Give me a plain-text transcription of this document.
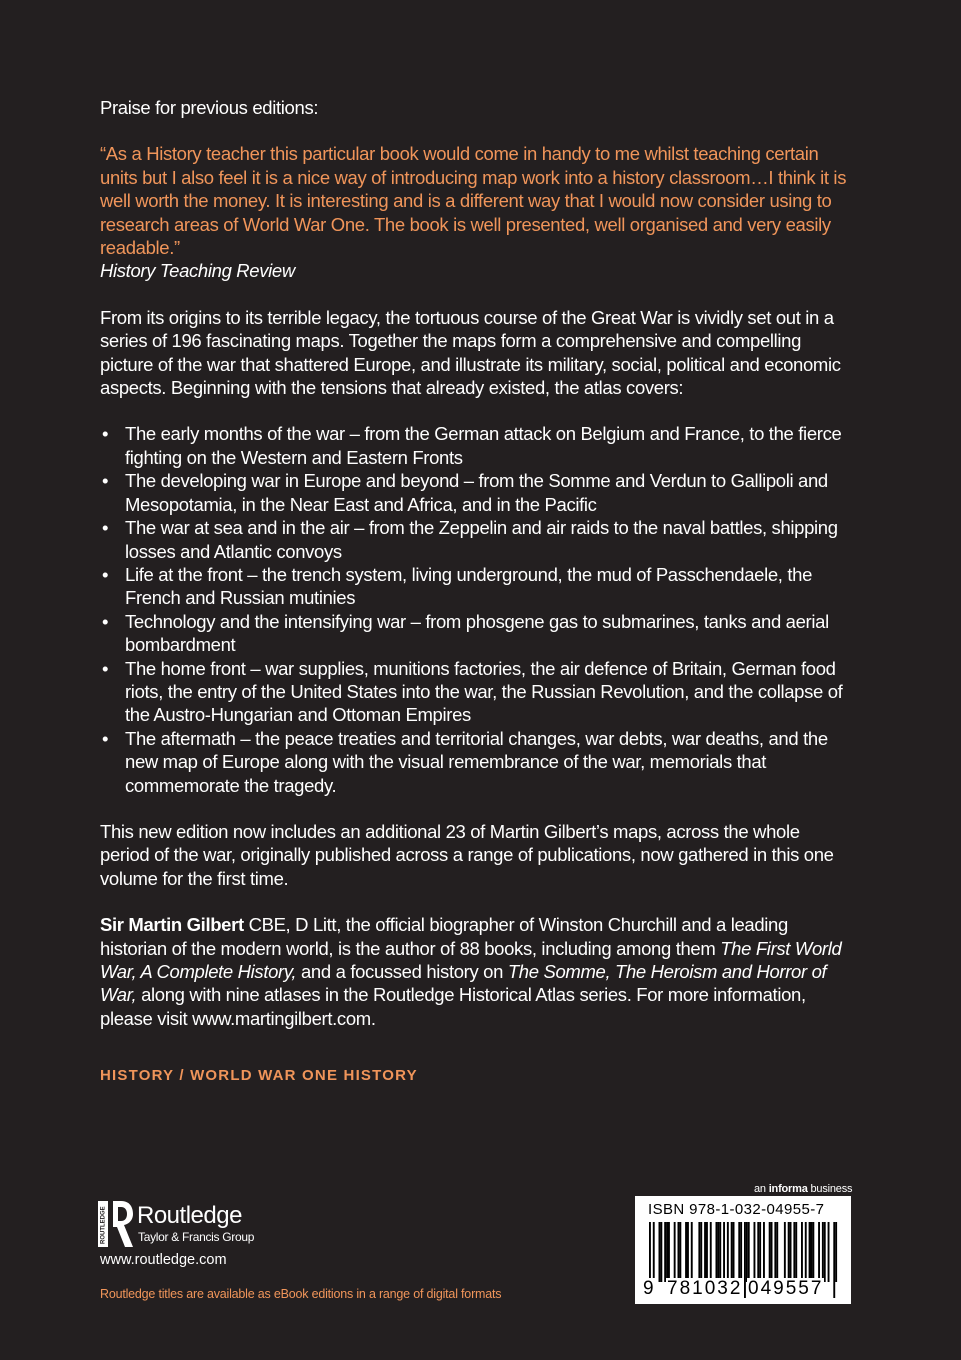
Praise for previous editions:

“As a History teacher this particular book would come in handy to me whilst teaching certain units but I also feel it is a nice way of introducing map work into a history classroom…I think it is well worth the money. It is interesting and is a different way that I would now consider using to research areas of World War One. The book is well presented, well organised and very easily readable.”

History Teaching Review

From its origins to its terrible legacy, the tortuous course of the Great War is vividly set out in a series of 196 fascinating maps. Together the maps form a comprehensive and compelling picture of the war that shattered Europe, and illustrate its military, social, political and economic aspects. Beginning with the tensions that already existed, the atlas covers:

• The early months of the war – from the German attack on Belgium and France, to the fierce fighting on the Western and Eastern Fronts
• The developing war in Europe and beyond – from the Somme and Verdun to Gallipoli and Mesopotamia, in the Near East and Africa, and in the Pacific
• The war at sea and in the air – from the Zeppelin and air raids to the naval battles, shipping losses and Atlantic convoys
• Life at the front – the trench system, living underground, the mud of Passchendaele, the French and Russian mutinies
• Technology and the intensifying war – from phosgene gas to submarines, tanks and aerial bombardment
• The home front – war supplies, munitions factories, the air defence of Britain, German food riots, the entry of the United States into the war, the Russian Revolution, and the collapse of the Austro-Hungarian and Ottoman Empires
• The aftermath – the peace treaties and territorial changes, war debts, war deaths, and the new map of Europe along with the visual remembrance of the war, memorials that commemorate the tragedy.

This new edition now includes an additional 23 of Martin Gilbert’s maps, across the whole period of the war, originally published across a range of publications, now gathered in this one volume for the first time.

Sir Martin Gilbert CBE, D Litt, the official biographer of Winston Churchill and a leading historian of the modern world, is the author of 88 books, including among them The First World War, A Complete History, and a focussed history on The Somme, The Heroism and Horror of War, along with nine atlases in the Routledge Historical Atlas series. For more information, please visit www.martingilbert.com.

HISTORY / WORLD WAR ONE HISTORY
ROUTLEDGE Routledge
Taylor & Francis Group
www.routledge.com
Routledge titles are available as eBook editions in a range of digital formats
an informa business
ISBN 978-1-032-04955-7
9 781032 049557
